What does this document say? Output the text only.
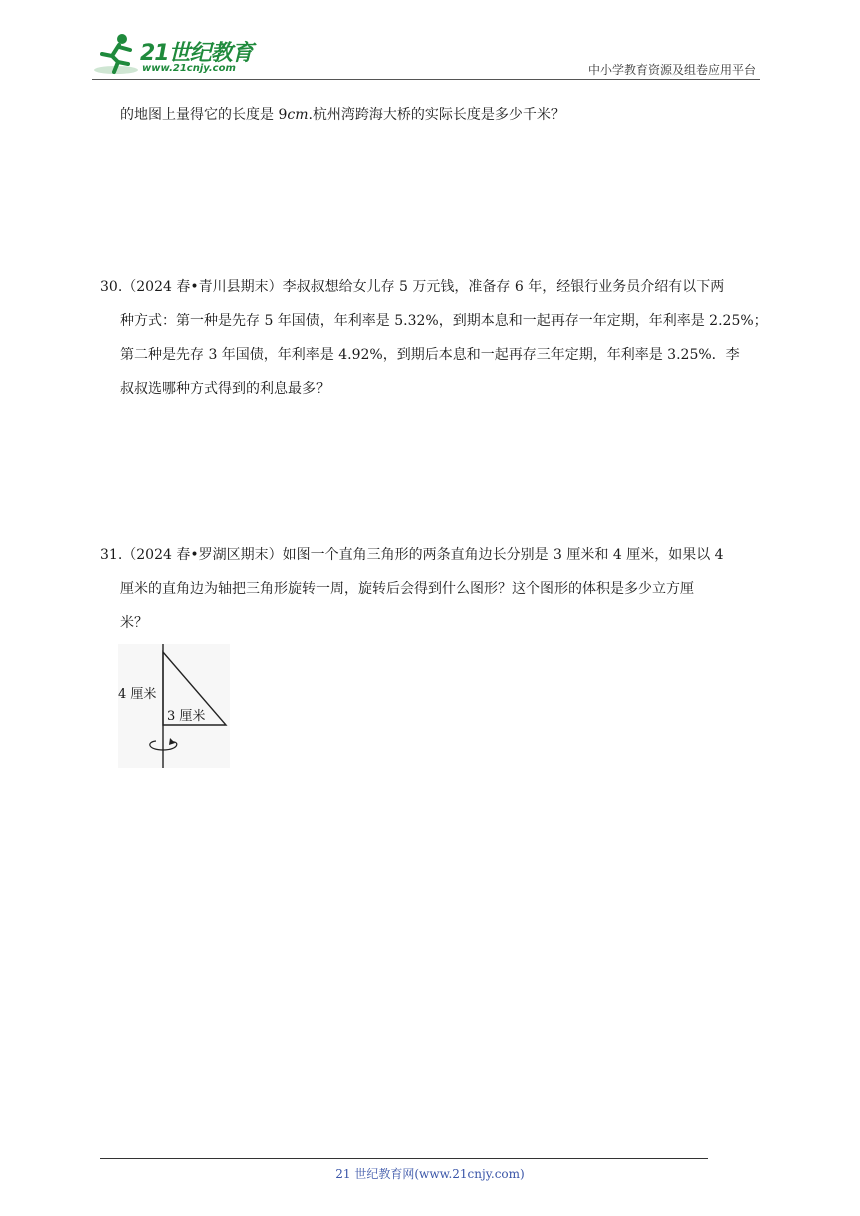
21世纪教育
www.21cnjy.com	中小学教育资源及组卷应用平台
的地图上量得它的长度是 9cm.杭州湾跨海大桥的实际长度是多少千米？
30.（2024 春•青川县期末）李叔叔想给女儿存 5 万元钱，准备存 6 年，经银行业务员介绍有以下两
种方式：第一种是先存 5 年国债，年利率是 5.32%，到期本息和一起再存一年定期，年利率是 2.25%；
第二种是先存 3 年国债，年利率是 4.92%，到期后本息和一起再存三年定期，年利率是 3.25%．李
叔叔选哪种方式得到的利息最多？
31.（2024 春•罗湖区期末）如图一个直角三角形的两条直角边长分别是 3 厘米和 4 厘米，如果以 4
厘米的直角边为轴把三角形旋转一周，旋转后会得到什么图形？这个图形的体积是多少立方厘
米？
4 厘米
3 厘米
21 世纪教育网(www.21cnjy.com)
